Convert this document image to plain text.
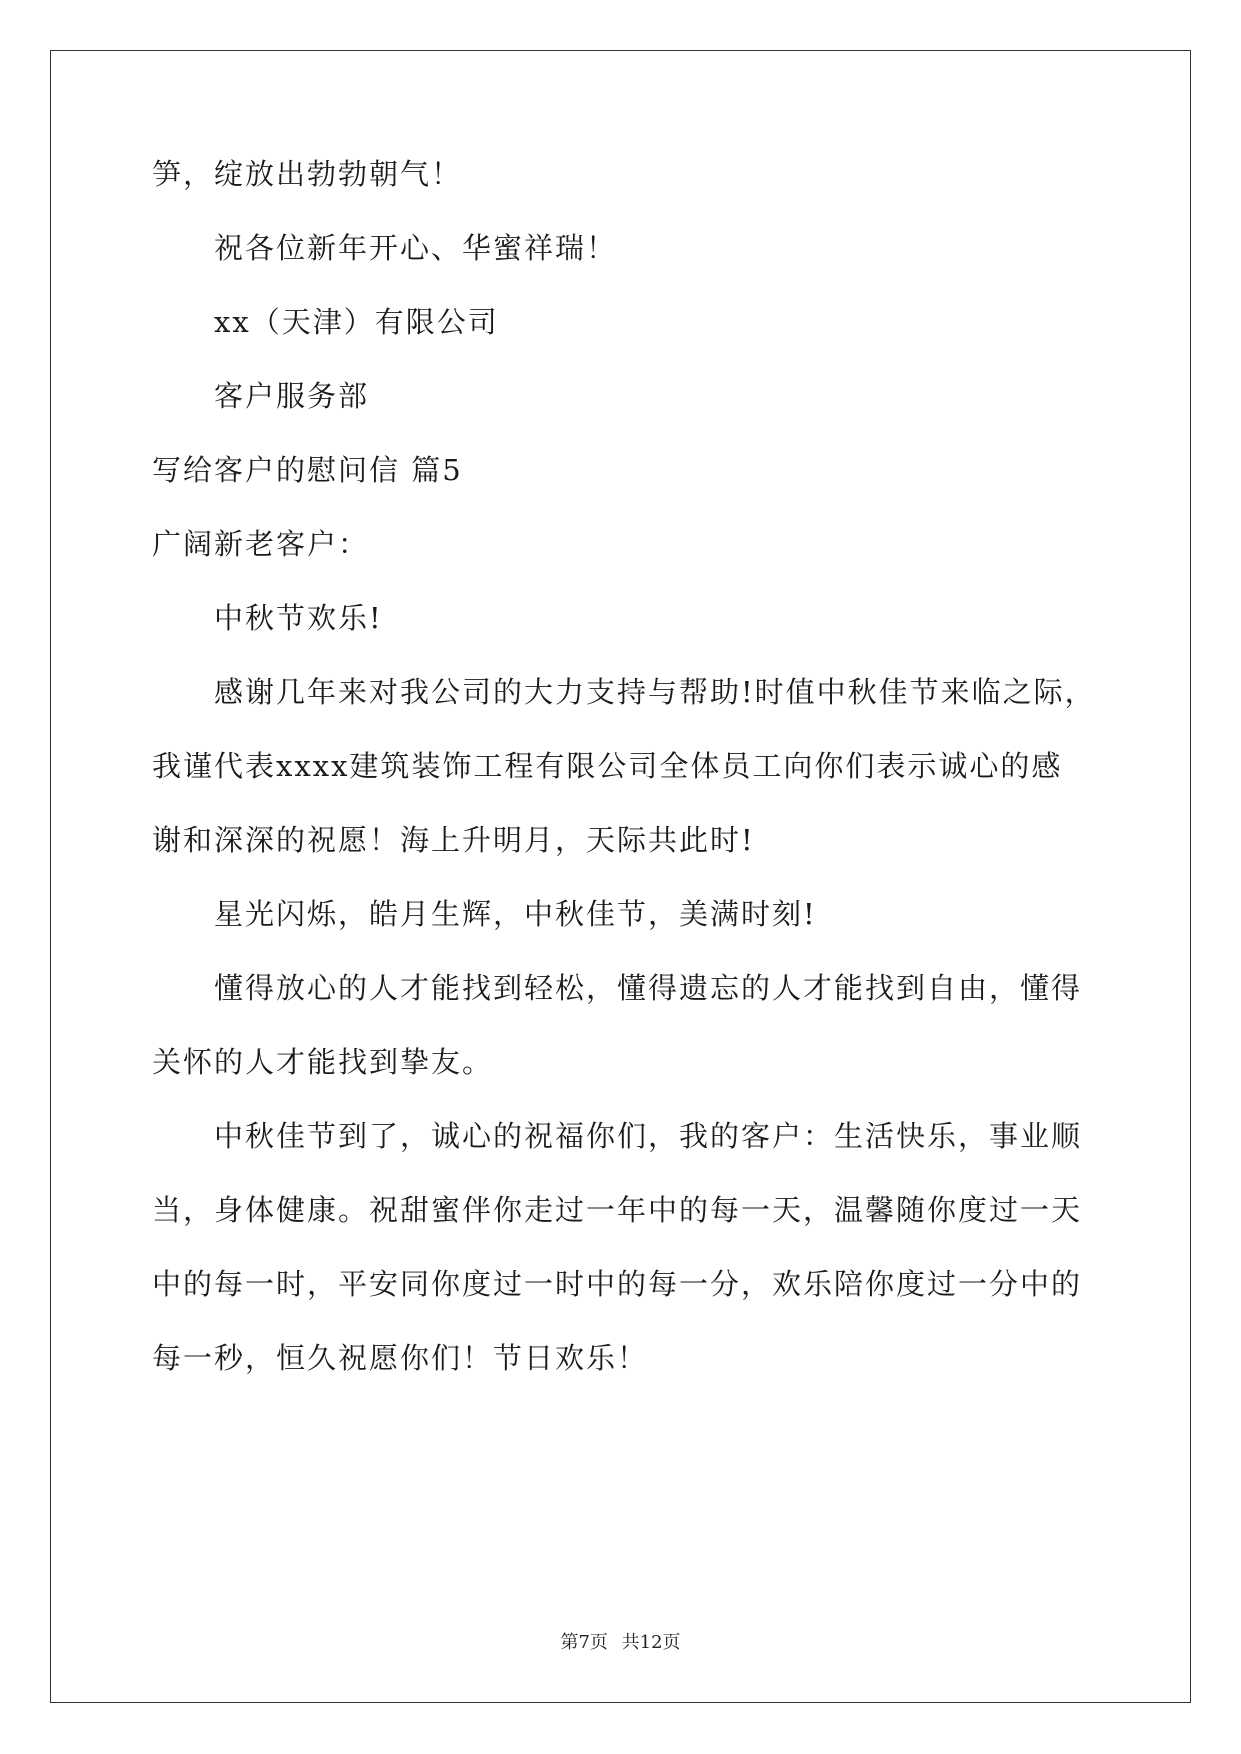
笋，绽放出勃勃朝气！
祝各位新年开心、华蜜祥瑞！
xx（天津）有限公司
客户服务部
写给客户的慰问信 篇5
广阔新老客户：
中秋节欢乐!
感谢几年来对我公司的大力支持与帮助!时值中秋佳节来临之际，
我谨代表xxxx建筑装饰工程有限公司全体员工向你们表示诚心的感
谢和深深的祝愿！海上升明月，天际共此时!
星光闪烁，皓月生辉，中秋佳节，美满时刻!
懂得放心的人才能找到轻松，懂得遗忘的人才能找到自由，懂得
关怀的人才能找到挚友。
中秋佳节到了，诚心的祝福你们，我的客户：生活快乐，事业顺
当，身体健康。祝甜蜜伴你走过一年中的每一天，温馨随你度过一天
中的每一时，平安同你度过一时中的每一分，欢乐陪你度过一分中的
每一秒，恒久祝愿你们！节日欢乐！
第7页 共12页
